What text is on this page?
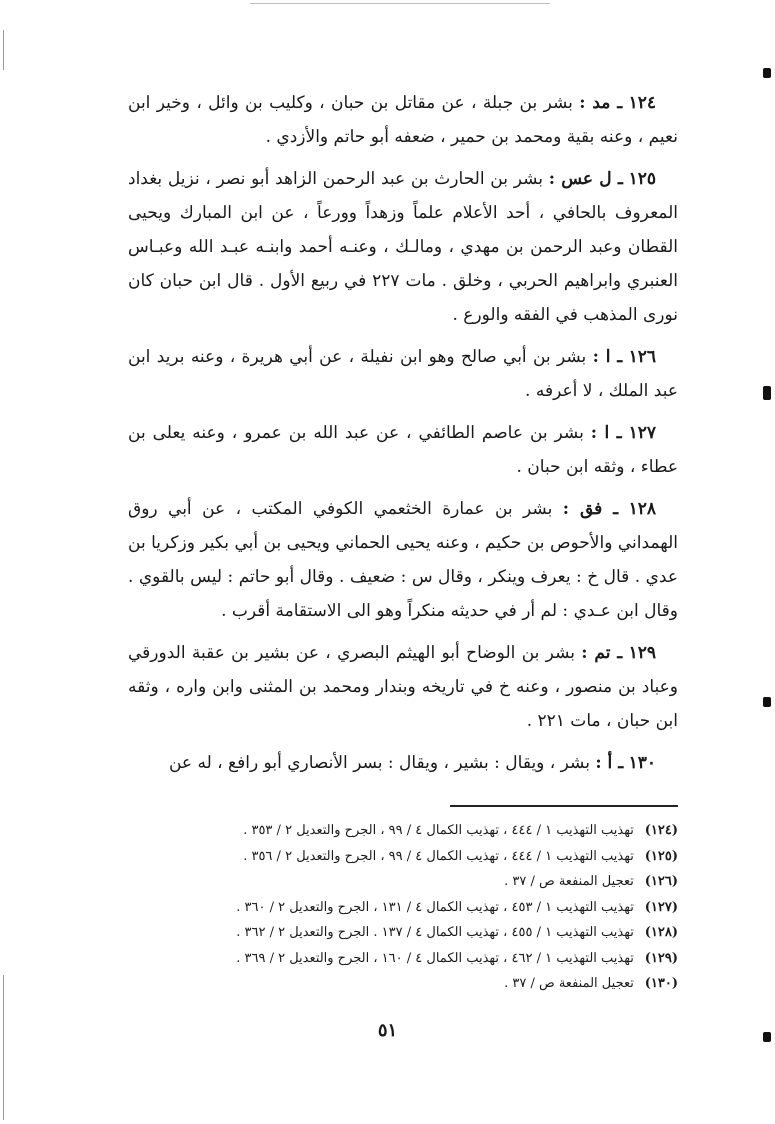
١٢٤ ـ مد : بشر بن جبلة ، عن مقاتل بن حبان ، وكليب بن وائل ، وخير ابن نعيم ، وعنه بقية ومحمد بن حمير ، ضعفه أبو حاتم والأزدي .

١٢٥ ـ ل عس : بشر بن الحارث بن عبد الرحمن الزاهد أبو نصر ، نزيل بغداد المعروف بالحافي ، أحد الأعلام علماً وزهداً وورعاً ، عن ابن المبارك ويحيى القطان وعبد الرحمن بن مهدي ، ومالـك ، وعنـه أحمد وابنـه عبـد الله وعبـاس العنبري وابراهيم الحربي ، وخلق . مات ٢٢٧ في ربيع الأول . قال ابن حبان كان نورى المذهب في الفقه والورع .

١٢٦ ـ ا : بشر بن أبي صالح وهو ابن نفيلة ، عن أبي هريرة ، وعنه بريد ابن عبد الملك ، لا أعرفه .

١٢٧ ـ ا : بشر بن عاصم الطائفي ، عن عبد الله بن عمرو ، وعنه يعلى بن عطاء ، وثقه ابن حبان .

١٢٨ ـ فق : بشر بن عمارة الخثعمي الكوفي المكتب ، عن أبي روق الهمداني والأحوص بن حكيم ، وعنه يحيى الحماني ويحيى بن أبي بكير وزكريا بن عدي . قال خ : يعرف وينكر ، وقال س : ضعيف . وقال أبو حاتم : ليس بالقوي . وقال ابن عـدي : لم أر في حديثه منكراً وهو الى الاستقامة أقرب .

١٢٩ ـ تم : بشر بن الوضاح أبو الهيثم البصري ، عن بشير بن عقبة الدورقي وعباد بن منصور ، وعنه خ في تاريخه وبندار ومحمد بن المثنى وابن واره ، وثقه ابن حبان ، مات ٢٢١ .

١٣٠ ـ أ : بشر ، ويقال : بشير ، ويقال : بسر الأنصاري أبو رافع ، له عن

(١٢٤) تهذيب التهذيب ١ / ٤٤٤ ، تهذيب الكمال ٤ / ٩٩ ، الجرح والتعديل ٢ / ٣٥٣ .
(١٢٥) تهذيب التهذيب ١ / ٤٤٤ ، تهذيب الكمال ٤ / ٩٩ ، الجرح والتعديل ٢ / ٣٥٦ .
(١٢٦) تعجيل المنفعة ص / ٣٧ .
(١٢٧) تهذيب التهذيب ١ / ٤٥٣ ، تهذيب الكمال ٤ / ١٣١ ، الجرح والتعديل ٢ / ٣٦٠ .
(١٢٨) تهذيب التهذيب ١ / ٤٥٥ ، تهذيب الكمال ٤ / ١٣٧ . الجرح والتعديل ٢ / ٣٦٢ .
(١٢٩) تهذيب التهذيب ١ / ٤٦٢ ، تهذيب الكمال ٤ / ١٦٠ ، الجرح والتعديل ٢ / ٣٦٩ .
(١٣٠) تعجيل المنفعة ص / ٣٧ .
٥١
